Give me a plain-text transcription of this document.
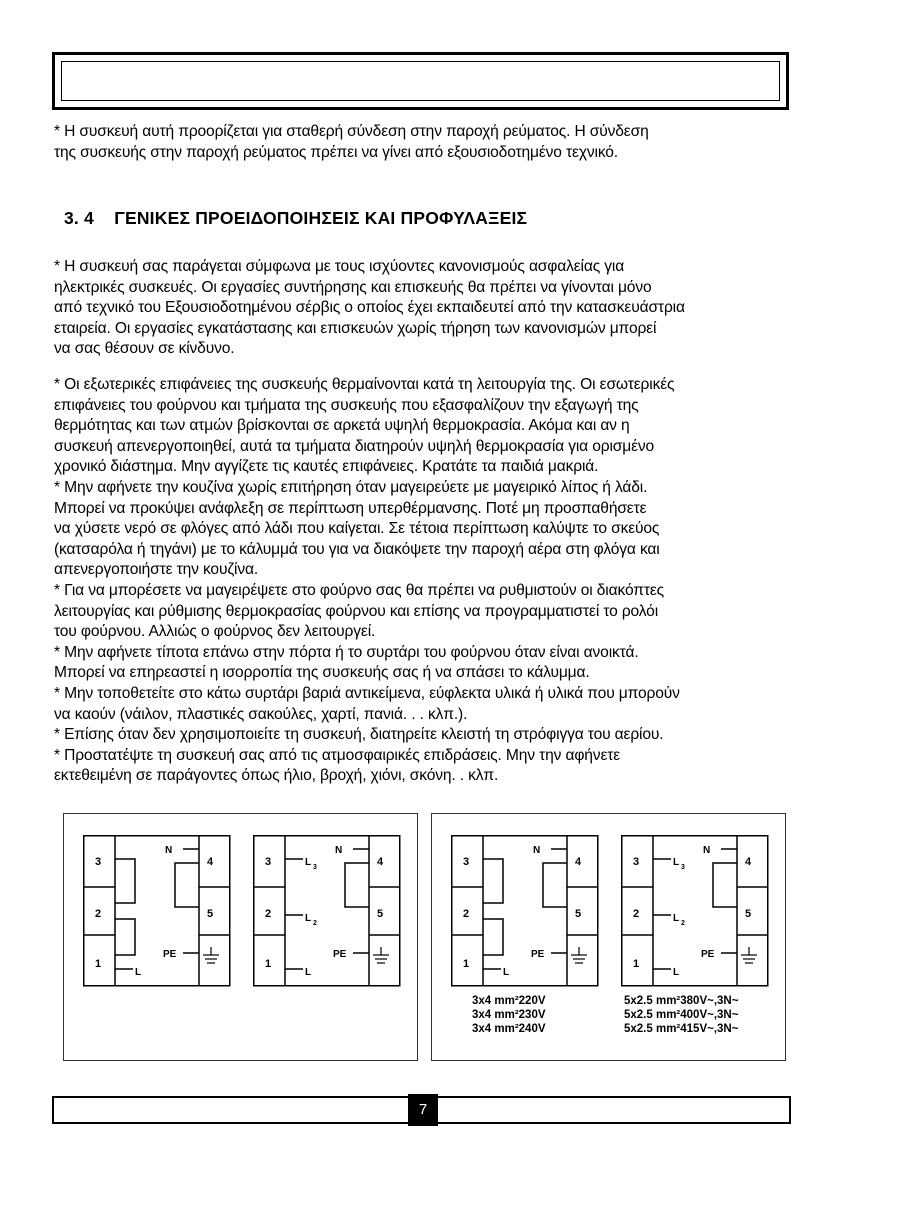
* Η συσκευή αυτή προορίζεται για σταθερή σύνδεση στην παροχή ρεύματος. Η σύνδεση
της συσκευής στην παροχή ρεύματος πρέπει να γίνει από εξουσιοδοτημένο τεχνικό.
3. 4    ΓΕΝΙΚΕΣ ΠΡΟΕΙΔΟΠΟΙΗΣΕΙΣ ΚΑΙ ΠΡΟΦΥΛΑΞΕΙΣ
* Η συσκευή σας παράγεται σύμφωνα με τους ισχύοντες κανονισμούς ασφαλείας για
ηλεκτρικές συσκευές. Οι εργασίες συντήρησης και επισκευής θα πρέπει να γίνονται μόνο
από τεχνικό του Εξουσιοδοτημένου σέρβις ο οποίος έχει εκπαιδευτεί από την κατασκευάστρια
εταιρεία. Οι εργασίες εγκατάστασης και επισκευών χωρίς τήρηση των κανονισμών μπορεί
να σας θέσουν σε κίνδυνο.
* Οι εξωτερικές επιφάνειες της συσκευής θερμαίνονται κατά τη λειτουργία της. Οι εσωτερικές
επιφάνειες του φούρνου και τμήματα της συσκευής που εξασφαλίζουν την εξαγωγή της
θερμότητας και των ατμών βρίσκονται σε αρκετά υψηλή θερμοκρασία. Ακόμα και αν η
συσκευή απενεργοποιηθεί, αυτά τα τμήματα διατηρούν υψηλή θερμοκρασία για ορισμένο
χρονικό διάστημα. Μην αγγίζετε τις καυτές επιφάνειες. Κρατάτε τα παιδιά μακριά.
* Μην αφήνετε την κουζίνα χωρίς επιτήρηση όταν μαγειρεύετε με μαγειρικό λίπος ή λάδι.
Μπορεί να προκύψει ανάφλεξη σε περίπτωση υπερθέρμανσης. Ποτέ μη προσπαθήσετε
να χύσετε νερό σε φλόγες από λάδι που καίγεται. Σε τέτοια περίπτωση καλύψτε το σκεύος
(κατσαρόλα ή τηγάνι) με το κάλυμμά του για να διακόψετε την παροχή αέρα στη φλόγα και
απενεργοποιήστε την κουζίνα.
* Για να μπορέσετε να μαγειρέψετε στο φούρνο σας θα πρέπει να ρυθμιστούν οι διακόπτες
λειτουργίας και ρύθμισης θερμοκρασίας φούρνου και επίσης να προγραμματιστεί το ρολόι
του φούρνου. Αλλιώς ο φούρνος δεν λειτουργεί.
* Μην αφήνετε τίποτα επάνω στην πόρτα ή το συρτάρι του φούρνου όταν είναι ανοικτά.
Μπορεί να επηρεαστεί η ισορροπία της συσκευής σας ή να σπάσει το κάλυμμα.
* Μην τοποθετείτε στο κάτω συρτάρι βαριά αντικείμενα, εύφλεκτα υλικά ή υλικά που μπορούν
να καούν (νάιλον, πλαστικές σακούλες, χαρτί, πανιά. . . κλπ.).
* Επίσης όταν δεν χρησιμοποιείτε τη συσκευή, διατηρείτε κλειστή τη στρόφιγγα του αερίου.
* Προστατέψτε τη συσκευή σας από τις ατμοσφαιρικές επιδράσεις. Μην την αφήνετε
εκτεθειμένη σε παράγοντες όπως ήλιο, βροχή, χιόνι, σκόνη. . κλπ.
3
2
1
4
5
N
PE
L
3
2
1
4
5
N
PE
L 3
L 2
L
3
2
1
4
5
N
PE
L
3
2
1
4
5
N
PE
L 3
L 2
L
3x4 mm²220V
3x4 mm²230V
3x4 mm²240V
5x2.5 mm²380V~,3N~
5x2.5 mm²400V~,3N~
5x2.5 mm²415V~,3N~
7
